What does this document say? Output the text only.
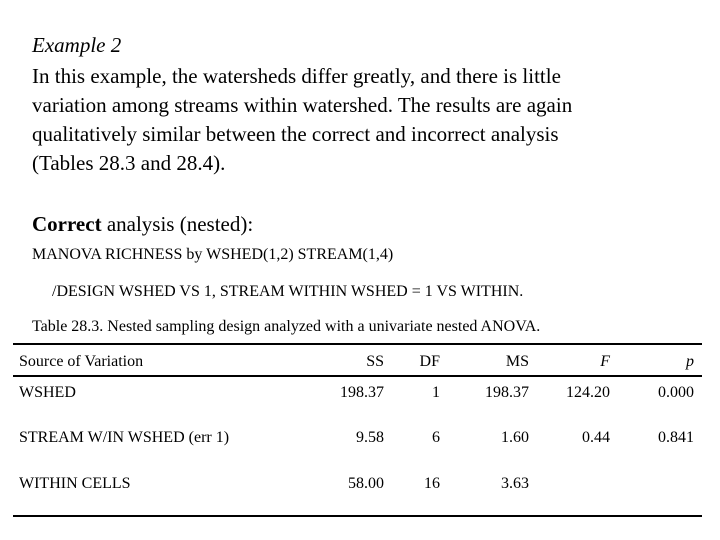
Example 2
In this example, the watersheds differ greatly, and there is little
variation among streams within watershed. The results are again
qualitatively similar between the correct and incorrect analysis
(Tables 28.3 and 28.4).
Correct analysis (nested):
MANOVA RICHNESS by WSHED(1,2) STREAM(1,4)
/DESIGN WSHED VS 1, STREAM WITHIN WSHED = 1 VS WITHIN.
Table 28.3. Nested sampling design analyzed with a univariate nested ANOVA.
Source of Variation	SS DF	MS	F	p
WSHED	198.37	1	198.37 124.20	0.000
STREAM W/IN WSHED (err 1)	9.58	6	1.60	0.44	0.841
WITHIN CELLS	58.00	16	3.63
